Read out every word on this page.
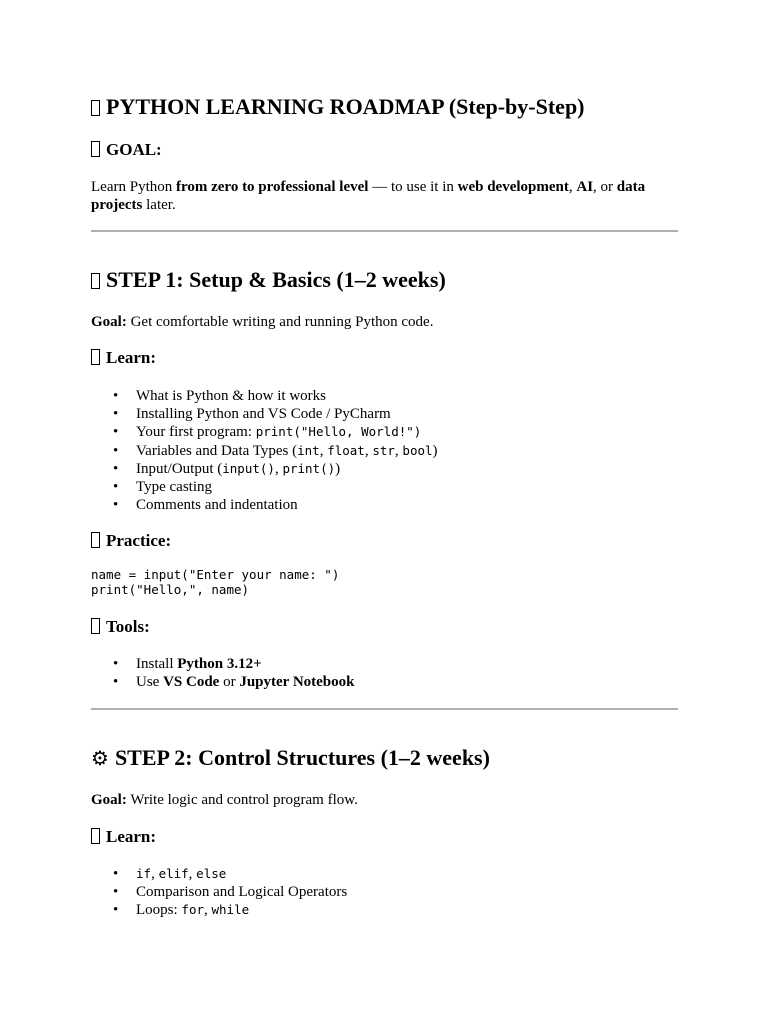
PYTHON LEARNING ROADMAP (Step-by-Step)
GOAL:

Learn Python from zero to professional level — to use it in web development, AI, or data projects later.

STEP 1: Setup & Basics (1–2 weeks)

Goal: Get comfortable writing and running Python code.

Learn:
• What is Python & how it works
• Installing Python and VS Code / PyCharm
• Your first program: print("Hello, World!")
• Variables and Data Types (int, float, str, bool)
• Input/Output (input(), print())
• Type casting
• Comments and indentation
Practice:
name = input("Enter your name: ")
print("Hello,", name)
Tools:
• Install Python 3.12+
• Use VS Code or Jupyter Notebook
⚙ STEP 2: Control Structures (1–2 weeks)

Goal: Write logic and control program flow.

Learn:
• if, elif, else
• Comparison and Logical Operators
• Loops: for, while
